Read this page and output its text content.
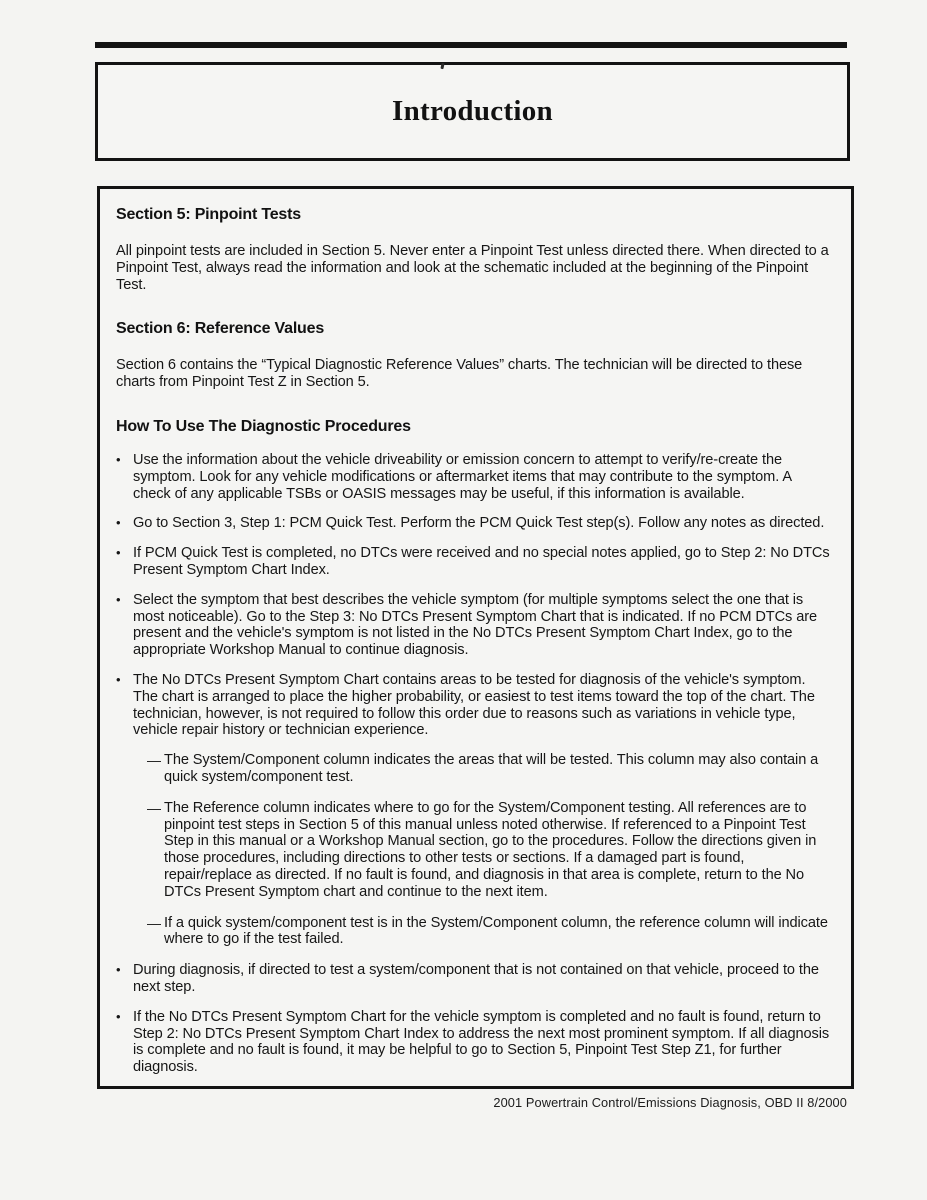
Introduction
Section 5: Pinpoint Tests

All pinpoint tests are included in Section 5. Never enter a Pinpoint Test unless directed there. When directed to a Pinpoint Test, always read the information and look at the schematic included at the beginning of the Pinpoint Test.

Section 6: Reference Values

Section 6 contains the “Typical Diagnostic Reference Values” charts. The technician will be directed to these charts from Pinpoint Test Z in Section 5.

How To Use The Diagnostic Procedures
• Use the information about the vehicle driveability or emission concern to attempt to verify/re-create the symptom. Look for any vehicle modifications or aftermarket items that may contribute to the symptom. A check of any applicable TSBs or OASIS messages may be useful, if this information is available.
• Go to Section 3, Step 1: PCM Quick Test. Perform the PCM Quick Test step(s). Follow any notes as directed.
• If PCM Quick Test is completed, no DTCs were received and no special notes applied, go to Step 2: No DTCs Present Symptom Chart Index.
• Select the symptom that best describes the vehicle symptom (for multiple symptoms select the one that is most noticeable). Go to the Step 3: No DTCs Present Symptom Chart that is indicated. If no PCM DTCs are present and the vehicle's symptom is not listed in the No DTCs Present Symptom Chart Index, go to the appropriate Workshop Manual to continue diagnosis.
• The No DTCs Present Symptom Chart contains areas to be tested for diagnosis of the vehicle's symptom. The chart is arranged to place the higher probability, or easiest to test items toward the top of the chart. The technician, however, is not required to follow this order due to reasons such as variations in vehicle type, vehicle repair history or technician experience.
— The System/Component column indicates the areas that will be tested. This column may also contain a quick system/component test.
— The Reference column indicates where to go for the System/Component testing. All references are to pinpoint test steps in Section 5 of this manual unless noted otherwise. If referenced to a Pinpoint Test Step in this manual or a Workshop Manual section, go to the procedures. Follow the directions given in those procedures, including directions to other tests or sections. If a damaged part is found, repair/replace as directed. If no fault is found, and diagnosis in that area is complete, return to the No DTCs Present Symptom chart and continue to the next item.
— If a quick system/component test is in the System/Component column, the reference column will indicate where to go if the test failed.
• During diagnosis, if directed to test a system/component that is not contained on that vehicle, proceed to the next step.
• If the No DTCs Present Symptom Chart for the vehicle symptom is completed and no fault is found, return to Step 2: No DTCs Present Symptom Chart Index to address the next most prominent symptom. If all diagnosis is complete and no fault is found, it may be helpful to go to Section 5, Pinpoint Test Step Z1, for further diagnosis.
2001 Powertrain Control/Emissions Diagnosis, OBD II 8/2000
